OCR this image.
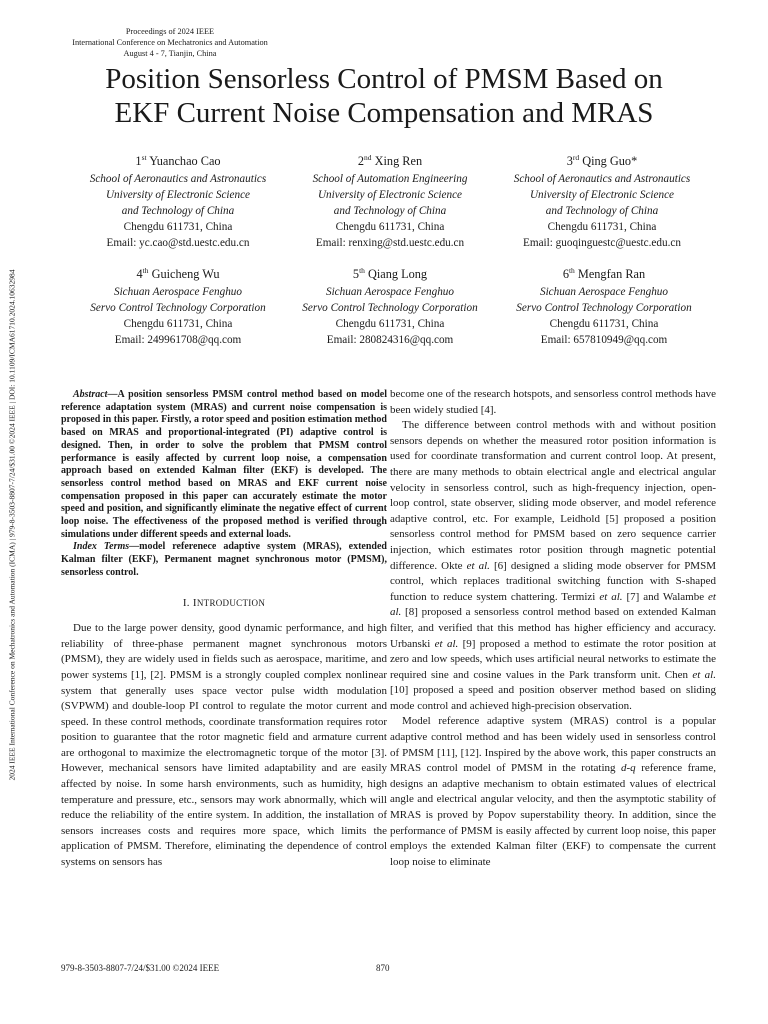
Proceedings of 2024 IEEE
International Conference on Mechatronics and Automation
August 4 - 7, Tianjin, China
2024 IEEE International Conference on Mechatronics and Automation (ICMA) | 979-8-3503-8807-7/24/$31.00 ©2024 IEEE | DOI: 10.1109/ICMA61710.2024.10632984
Position Sensorless Control of PMSM Based on
EKF Current Noise Compensation and MRAS
1st Yuanchao Cao
School of Aeronautics and Astronautics
University of Electronic Science
and Technology of China
Chengdu 611731, China
Email: yc.cao@std.uestc.edu.cn
2nd Xing Ren
School of Automation Engineering
University of Electronic Science
and Technology of China
Chengdu 611731, China
Email: renxing@std.uestc.edu.cn
3rd Qing Guo*
School of Aeronautics and Astronautics
University of Electronic Science
and Technology of China
Chengdu 611731, China
Email: guoqinguestc@uestc.edu.cn
4th Guicheng Wu
Sichuan Aerospace Fenghuo
Servo Control Technology Corporation
Chengdu 611731, China
Email: 249961708@qq.com
5th Qiang Long
Sichuan Aerospace Fenghuo
Servo Control Technology Corporation
Chengdu 611731, China
Email: 280824316@qq.com
6th Mengfan Ran
Sichuan Aerospace Fenghuo
Servo Control Technology Corporation
Chengdu 611731, China
Email: 657810949@qq.com

Abstract—A position sensorless PMSM control method based on model reference adaptation system (MRAS) and current noise compensation is proposed in this paper. Firstly, a rotor speed and position estimation method based on MRAS and proportional-integrated (PI) adaptive control is designed. Then, in order to solve the problem that PMSM control performance is easily affected by current loop noise, a compensation approach based on extended Kalman filter (EKF) is developed. The sensorless control method based on MRAS and EKF current noise compensation proposed in this paper can accurately estimate the motor speed and position, and significantly eliminate the negative effect of current loop noise. The effectiveness of the proposed method is verified through simulations under different speeds and external loads.

Index Terms—model referenece adaptive system (MRAS), extended Kalman filter (EKF), Permanent magnet synchronous motor (PMSM), sensorless control.

I. INTRODUCTION

Due to the large power density, good dynamic performance, and high reliability of three-phase permanent magnet synchronous motors (PMSM), they are widely used in fields such as aerospace, maritime, and power systems [1], [2]. PMSM is a strongly coupled complex nonlinear system that generally uses space vector pulse width modulation (SVPWM) and double-loop PI control to regulate the motor current and speed. In these control methods, coordinate transformation requires rotor position to guarantee that the rotor magnetic field and armature current are orthogonal to maximize the electromagnetic torque of the motor [3]. However, mechanical sensors have limited adaptability and are easily affected by noise. In some harsh environments, such as humidity, high temperature and pressure, etc., sensors may work abnormally, which will reduce the reliability of the entire system. In addition, the installation of sensors increases costs and requires more space, which limits the application of PMSM. Therefore, eliminating the dependence of control systems on sensors has

become one of the research hotspots, and sensorless control methods have been widely studied [4].

The difference between control methods with and without position sensors depends on whether the measured rotor position information is used for coordinate transformation and current control loop. At present, there are many methods to obtain electrical angle and electrical angular velocity in sensorless control, such as high-frequency injection, open-loop control, state observer, sliding mode observer, and model reference adaptive control, etc. For example, Leidhold [5] proposed a position sensorless control method for PMSM based on zero sequence carrier injection, which estimates rotor position through magnetic potential difference. Okte et al. [6] designed a sliding mode observer for PMSM control, which replaces traditional switching function with S-shaped function to reduce system chattering. Termizi et al. [7] and Walambe et al. [8] proposed a sensorless control method based on extended Kalman filter, and verified that this method has higher efficiency and accuracy. Urbanski et al. [9] proposed a method to estimate the rotor position at zero and low speeds, which uses artificial neural networks to estimate the required sine and cosine values in the Park transform unit. Chen et al. [10] proposed a speed and position observer method based on sliding mode control and achieved high-precision observation.

Model reference adaptive system (MRAS) control is a popular adaptive control method and has been widely used in sensorless control of PMSM [11], [12]. Inspired by the above work, this paper constructs an MRAS control model of PMSM in the rotating d-q reference frame, designs an adaptive mechanism to obtain estimated values of electrical angle and electrical angular velocity, and then the asymptotic stability of MRAS is proved by Popov superstability theory. In addition, since the performance of PMSM is easily affected by current loop noise, this paper employs the extended Kalman filter (EKF) to compensate the current loop noise to eliminate

979-8-3503-8807-7/24/$31.00 ©2024 IEEE	870
